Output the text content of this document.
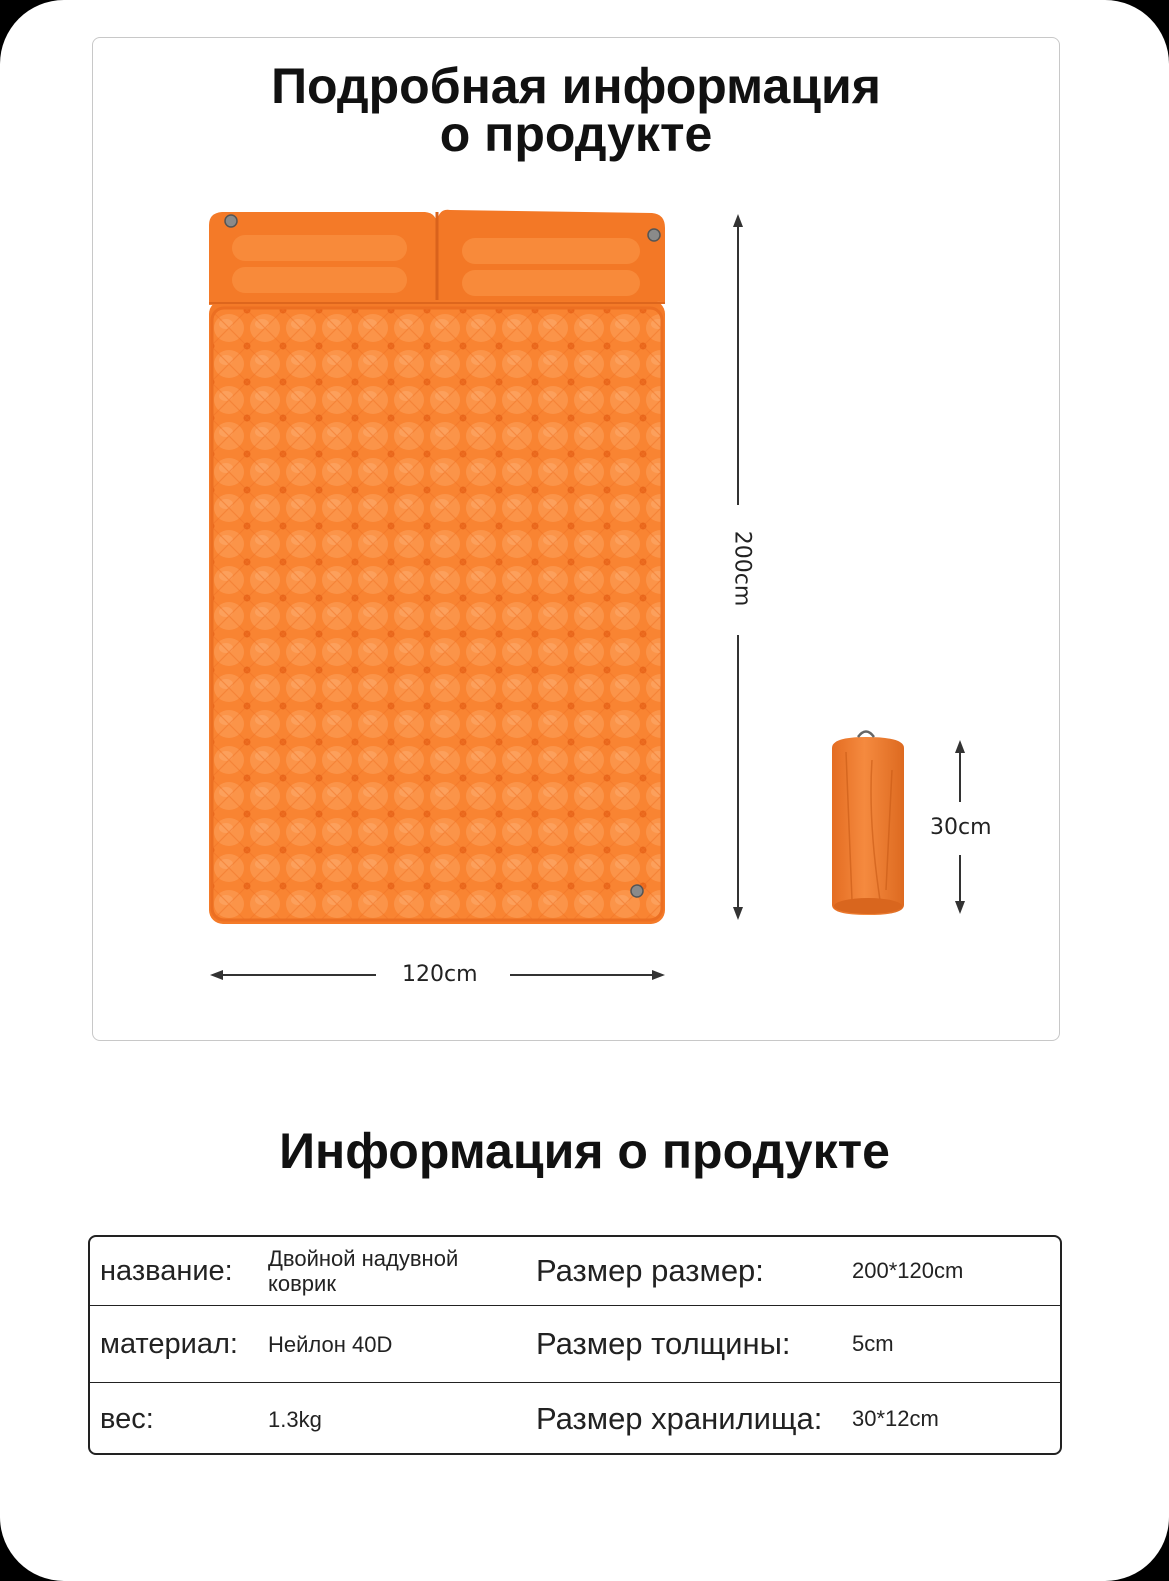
Подробная информация
о продукте
200cm
120cm
30cm
Информация о продукте
название: Двойной надувной коврик	Размер размер:	200*120cm
материал: Нейлон 40D	Размер толщины:	5cm
вес:	1.3kg	Размер хранилища: 30*12cm
